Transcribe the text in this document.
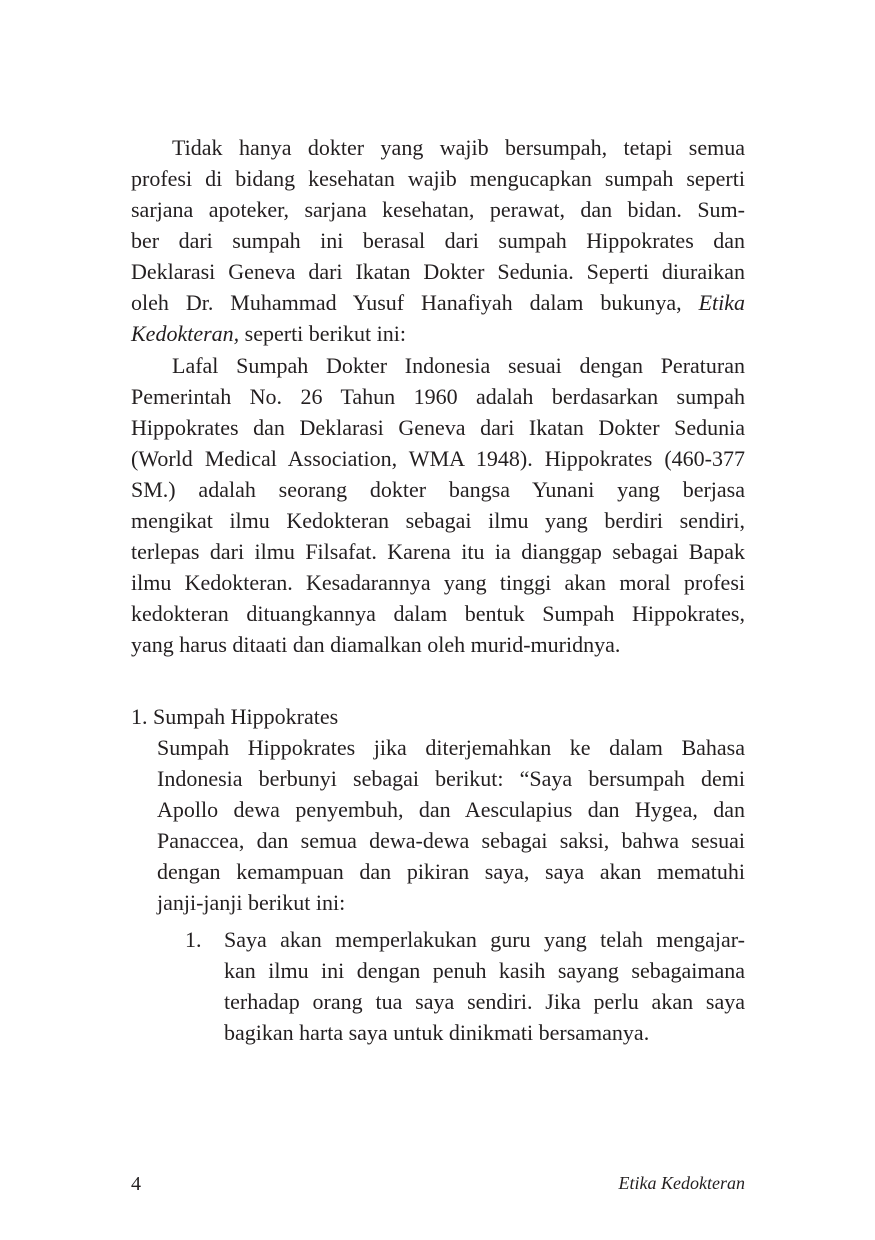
Tidak hanya dokter yang wajib bersumpah, tetapi semua
profesi di bidang kesehatan wajib mengucapkan sumpah seperti
sarjana apoteker, sarjana kesehatan, perawat, dan bidan. Sum-
ber dari sumpah ini berasal dari sumpah Hippokrates dan
Deklarasi Geneva dari Ikatan Dokter Sedunia. Seperti diuraikan
oleh Dr. Muhammad Yusuf Hanafiyah dalam bukunya, Etika
Kedokteran, seperti berikut ini:
Lafal Sumpah Dokter Indonesia sesuai dengan Peraturan
Pemerintah No. 26 Tahun 1960 adalah berdasarkan sumpah
Hippokrates dan Deklarasi Geneva dari Ikatan Dokter Sedunia
(World Medical Association, WMA 1948). Hippokrates (460-377
SM.) adalah seorang dokter bangsa Yunani yang berjasa
mengikat ilmu Kedokteran sebagai ilmu yang berdiri sendiri,
terlepas dari ilmu Filsafat. Karena itu ia dianggap sebagai Bapak
ilmu Kedokteran. Kesadarannya yang tinggi akan moral profesi
kedokteran dituangkannya dalam bentuk Sumpah Hippokrates,
yang harus ditaati dan diamalkan oleh murid-muridnya.
1. Sumpah Hippokrates
Sumpah Hippokrates jika diterjemahkan ke dalam Bahasa
Indonesia berbunyi sebagai berikut: “Saya bersumpah demi
Apollo dewa penyembuh, dan Aesculapius dan Hygea, dan
Panaccea, dan semua dewa-dewa sebagai saksi, bahwa sesuai
dengan kemampuan dan pikiran saya, saya akan mematuhi
janji-janji berikut ini:
1. Saya akan memperlakukan guru yang telah mengajar-
kan ilmu ini dengan penuh kasih sayang sebagaimana
terhadap orang tua saya sendiri. Jika perlu akan saya
bagikan harta saya untuk dinikmati bersamanya.
4	Etika Kedokteran
